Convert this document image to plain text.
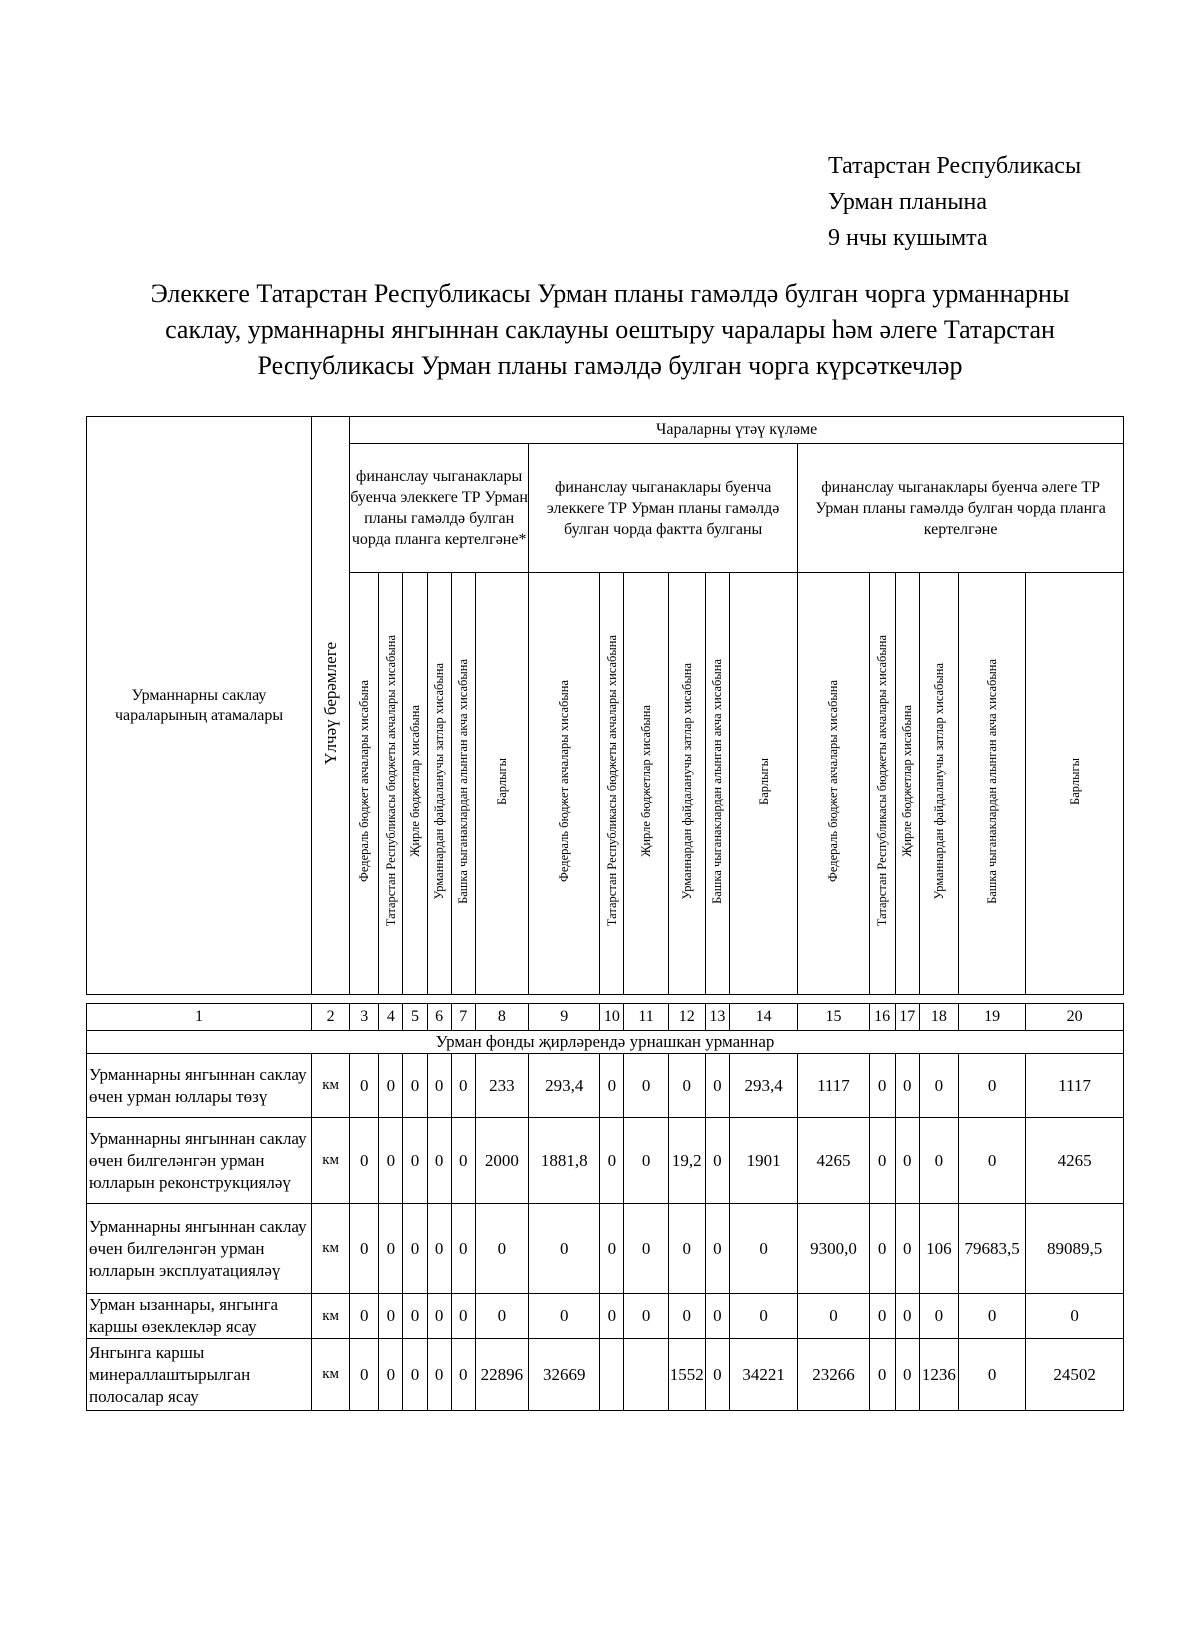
Татарстан Республикасы
Урман планына
9 нчы кушымта
Элеккеге Татарстан Республикасы Урман планы гамәлдә булган чорга урманнарны
саклау, урманнарны янгыннан саклауны оештыру чаралары һәм әлеге Татарстан
Республикасы Урман планы гамәлдә булган чорга күрсәткечләр
Урманнарны саклау чараларының атамалары	Үлчәү берәмлеге	Чараларны үтәү күләме																	
		финанслау чыганаклары буенча элеккеге ТР Урман планы гамәлдә булган чорда планга кертелгәне*						финанслау чыганаклары буенча элеккеге ТР Урман планы гамәлдә булган чорда фактта булганы						финанслау чыганаклары буенча әлеге ТР Урман планы гамәлдә булган чорда планга кертелгәне					
		Федераль бюджет акчалары хисабына	Татарстан Республикасы бюджеты акчалары хисабына	Җирле бюджетлар хисабына	Урманнардан файдаланучы затлар хисабына	Башка чыганаклардан алынган акча хисабына	Барлыгы	Федераль бюджет акчалары хисабына	Татарстан Республикасы бюджеты акчалары хисабына	Җирле бюджетлар хисабына	Урманнардан файдаланучы затлар хисабына	Башка чыганаклардан алынган акча хисабына	Барлыгы	Федераль бюджет акчалары хисабына	Татарстан Республикасы бюджеты акчалары хисабына	Җирле бюджетлар хисабына	Урманнардан файдаланучы затлар хисабына	Башка чыганаклардан алынган акча хисабына	Барлыгы

1	2	3	4	5	6	7	8	9	10	11	12	13	14	15	16	17	18	19	20
Урман фонды җирләрендә урнашкан урманнар																			
Урманнарны янгыннан саклау өчен урман юллары төзү	км	0	0	0	0	0	233	293,4	0	0	0	0	293,4	1117	0	0	0	0	1117
Урманнарны янгыннан саклау өчен билгеләнгән урман юлларын реконструкцияләү	км	0	0	0	0	0	2000	1881,8	0	0	19,2	0	1901	4265	0	0	0	0	4265
Урманнарны янгыннан саклау өчен билгеләнгән урман юлларын эксплуатацияләү	км	0	0	0	0	0	0	0	0	0	0	0	0	9300,0	0	0	106	79683,5	89089,5
Урман ызаннары, янгынга каршы өзеклекләр ясау	км	0	0	0	0	0	0	0	0	0	0	0	0	0	0	0	0	0	0
Янгынга каршы минераллаштырылган полосалар ясау	км	0	0	0	0	0	22896	32669			1552	0	34221	23266	0	0	1236	0	24502
